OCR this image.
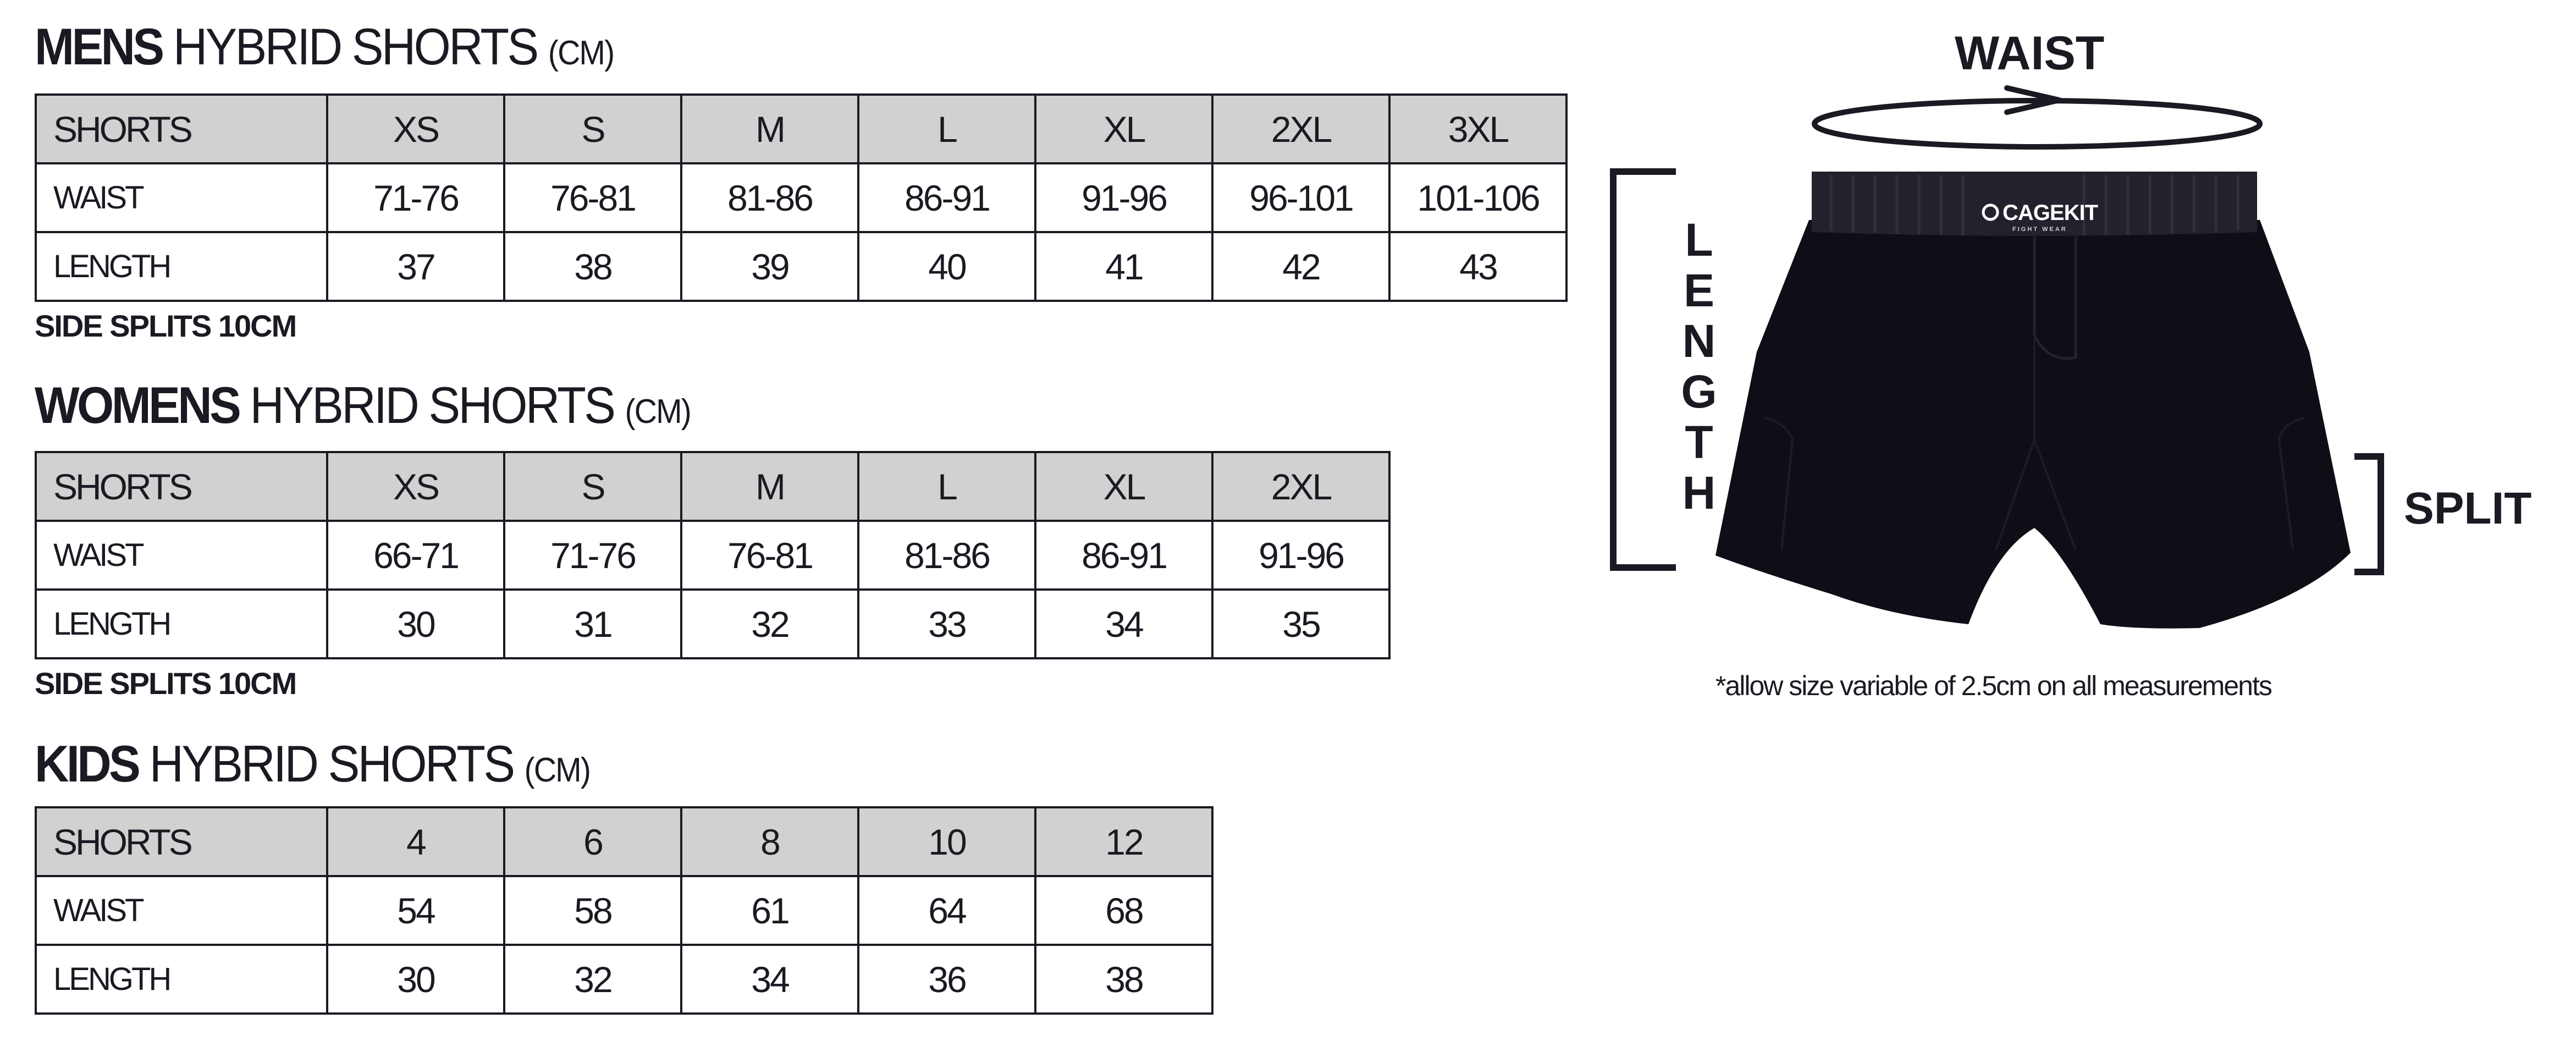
MENS HYBRID SHORTS (CM)
SHORTS	XS	S	M	L	XL	2XL	3XL
WAIST	71-76	76-81	81-86	86-91	91-96	96-101	101-106
LENGTH	37	38	39	40	41	42	43

SIDE SPLITS 10CM

WOMENS HYBRID SHORTS (CM)
SHORTS	XS	S	M	L	XL	2XL
WAIST	66-71	71-76	76-81	81-86	86-91	91-96
LENGTH	30	31	32	33	34	35

SIDE SPLITS 10CM

KIDS HYBRID SHORTS (CM)
SHORTS	4	6	8	10	12
WAIST	54	58	61	64	68
LENGTH	30	32	34	36	38
CAGEKIT
FIGHT WEAR

WAIST

L
E
N
G
T
H	SPLIT

*allow size variable of 2.5cm on all measurements
